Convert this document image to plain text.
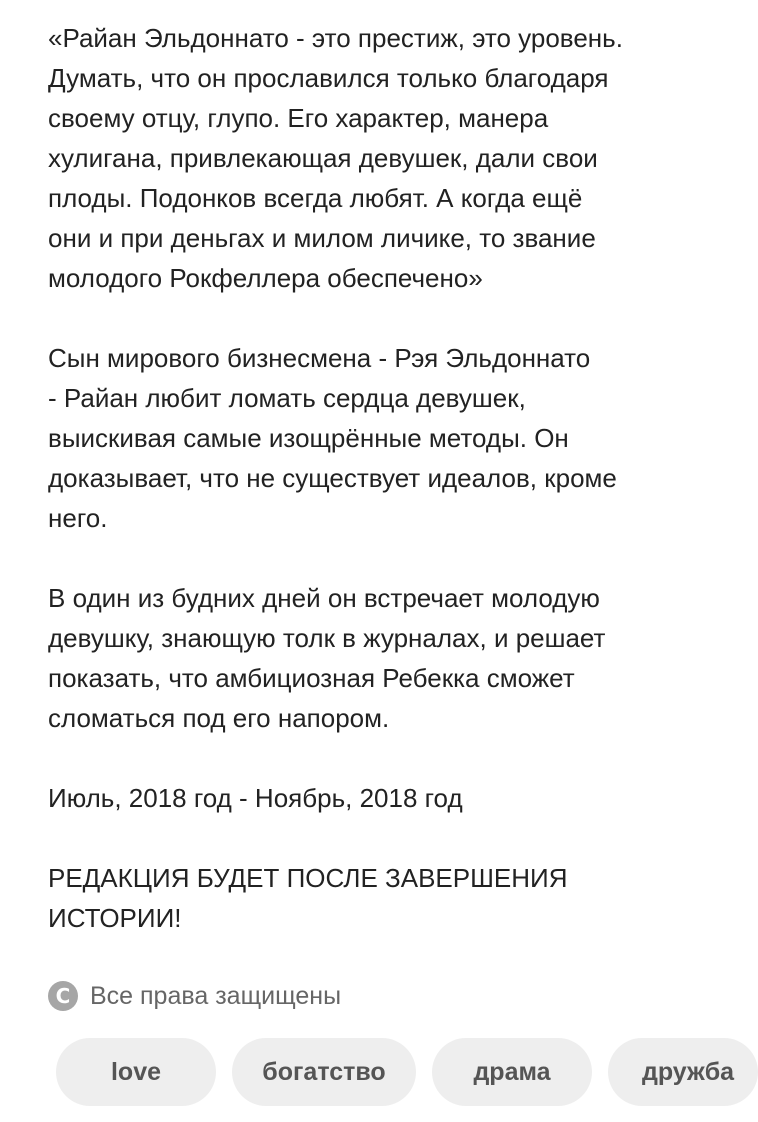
«Райан Эльдоннато - это престиж, это уровень.
Думать, что он прославился только благодаря
своему отцу, глупо. Его характер, манера
хулигана, привлекающая девушек, дали свои
плоды. Подонков всегда любят. А когда ещё
они и при деньгах и милом личике, то звание
молодого Рокфеллера обеспечено»

Сын мирового бизнесмена - Рэя Эльдоннато
- Райан любит ломать сердца девушек,
выискивая самые изощрённые методы. Он
доказывает, что не существует идеалов, кроме
него.

В один из будних дней он встречает молодую
девушку, знающую толк в журналах, и решает
показать, что амбициозная Ребекка сможет
сломаться под его напором.

Июль, 2018 год - Ноябрь, 2018 год

РЕДАКЦИЯ БУДЕТ ПОСЛЕ ЗАВЕРШЕНИЯ
ИСТОРИИ!

C Все права защищены
love	богатство	драма	дружба
